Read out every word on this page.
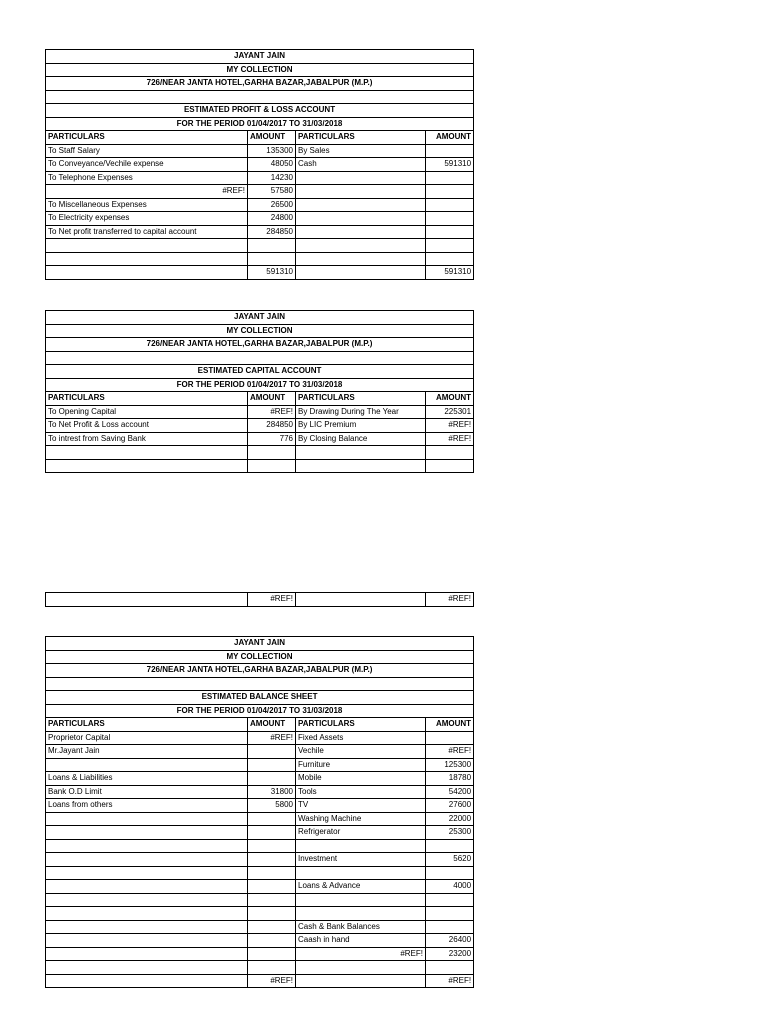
JAYANT JAIN			
MY COLLECTION			
726/NEAR JANTA HOTEL,GARHA BAZAR,JABALPUR (M.P.)			

ESTIMATED PROFIT & LOSS ACCOUNT			
FOR THE PERIOD 01/04/2017 TO 31/03/2018			
PARTICULARS	AMOUNT	PARTICULARS	AMOUNT
To Staff Salary	135300	By Sales	
To Conveyance/Vechile expense	48050	Cash	591310
To Telephone Expenses	14230		
#REF!	57580		
To Miscellaneous Expenses	26500		
To Electricity expenses	24800		
To Net profit transferred to capital account	284850		

	591310		591310
JAYANT JAIN			
MY COLLECTION			
726/NEAR JANTA HOTEL,GARHA BAZAR,JABALPUR (M.P.)			

ESTIMATED CAPITAL ACCOUNT			
FOR THE PERIOD 01/04/2017 TO 31/03/2018			
PARTICULARS	AMOUNT	PARTICULARS	AMOUNT
To Opening Capital	#REF!	By Drawing During The Year	225301
To Net Profit & Loss account	284850	By LIC Premium	#REF!
To intrest from Saving Bank	776	By Closing Balance	#REF!

	#REF!		#REF!
JAYANT JAIN			
MY COLLECTION			
726/NEAR JANTA HOTEL,GARHA BAZAR,JABALPUR (M.P.)			

ESTIMATED BALANCE SHEET			
FOR THE PERIOD 01/04/2017 TO 31/03/2018			
PARTICULARS	AMOUNT	PARTICULARS	AMOUNT
Proprietor Capital	#REF!	Fixed Assets	
Mr.Jayant Jain		Vechile	#REF!
		Furniture	125300
Loans & Liabilities		Mobile	18780
Bank O.D Limit	31800	Tools	54200
Loans from others	5800	TV	27600
		Washing Machine	22000
		Refrigerator	25300

		Investment	5620

		Loans & Advance	4000

		Cash & Bank Balances	
		Caash in hand	26400
		#REF!	23200

	#REF!		#REF!
